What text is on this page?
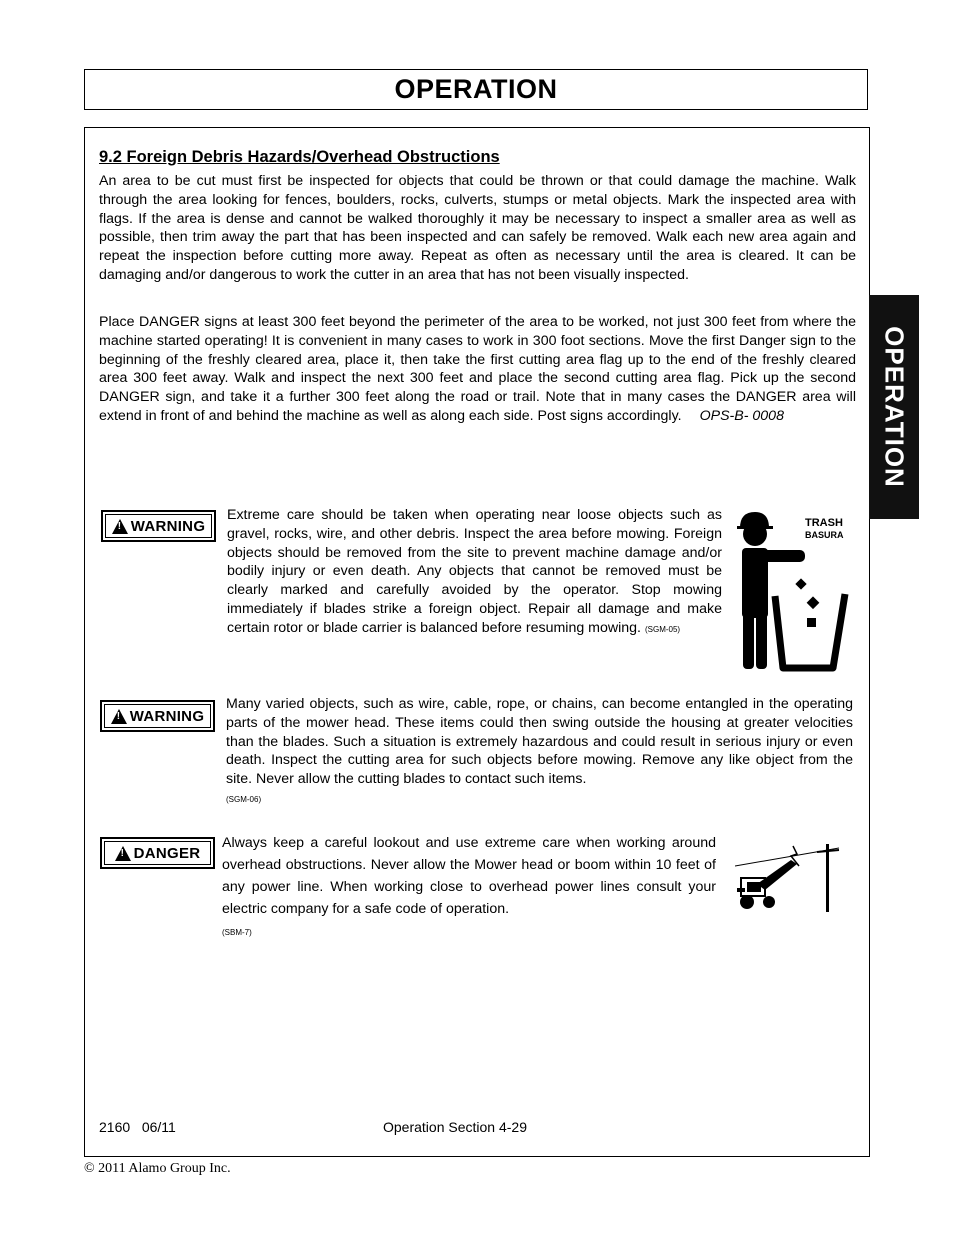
OPERATION
OPERATION
9.2 Foreign Debris Hazards/Overhead Obstructions

An area to be cut must first be inspected for objects that could be thrown or that could damage the machine. Walk through the area looking for fences, boulders, rocks, culverts, stumps or metal objects. Mark the inspected area with flags. If the area is dense and cannot be walked thoroughly it may be necessary to inspect a smaller area as well as possible, then trim away the part that has been inspected and can safely be removed. Walk each new area again and repeat the inspection before cutting more away. Repeat as often as necessary until the area is cleared. It can be damaging and/or dangerous to work the cutter in an area that has not been visually inspected.

Place DANGER signs at least 300 feet beyond the perimeter of the area to be worked, not just 300 feet from where the machine started operating! It is convenient in many cases to work in 300 foot sections. Move the first Danger sign to the beginning of the freshly cleared area, place it, then take the first cutting area flag up to the end of the freshly cleared area 300 feet away. Walk and inspect the next 300 feet and place the second cutting area flag. Pick up the second DANGER sign, and take it a further 300 feet along the road or trail. Note that in many cases the DANGER area will extend in front of and behind the machine as well as along each side. Post signs accordingly. OPS-B- 0008

! WARNING

Extreme care should be taken when operating near loose objects such as gravel, rocks, wire, and other debris. Inspect the area before mowing. Foreign objects should be removed from the site to prevent machine damage and/or bodily injury or even death. Any objects that cannot be removed must be clearly marked and carefully avoided by the operator. Stop mowing immediately if blades strike a foreign object. Repair all damage and make certain rotor or blade carrier is balanced before resuming mowing. (SGM-05)

TRASH
BASURA
! WARNING

Many varied objects, such as wire, cable, rope, or chains, can become entangled in the operating parts of the mower head. These items could then swing outside the housing at greater velocities than the blades. Such a situation is extremely hazardous and could result in serious injury or even death. Inspect the cutting area for such objects before mowing. Remove any like object from the site. Never allow the cutting blades to contact such items.
(SGM-06)

! DANGER

Always keep a careful lookout and use extreme care when working around overhead obstructions. Never allow the Mower head or boom within 10 feet of any power line. When working close to overhead power lines consult your electric company for a safe code of operation.
(SBM-7)

2160   06/11	Operation Section 4-29
© 2011 Alamo Group Inc.
